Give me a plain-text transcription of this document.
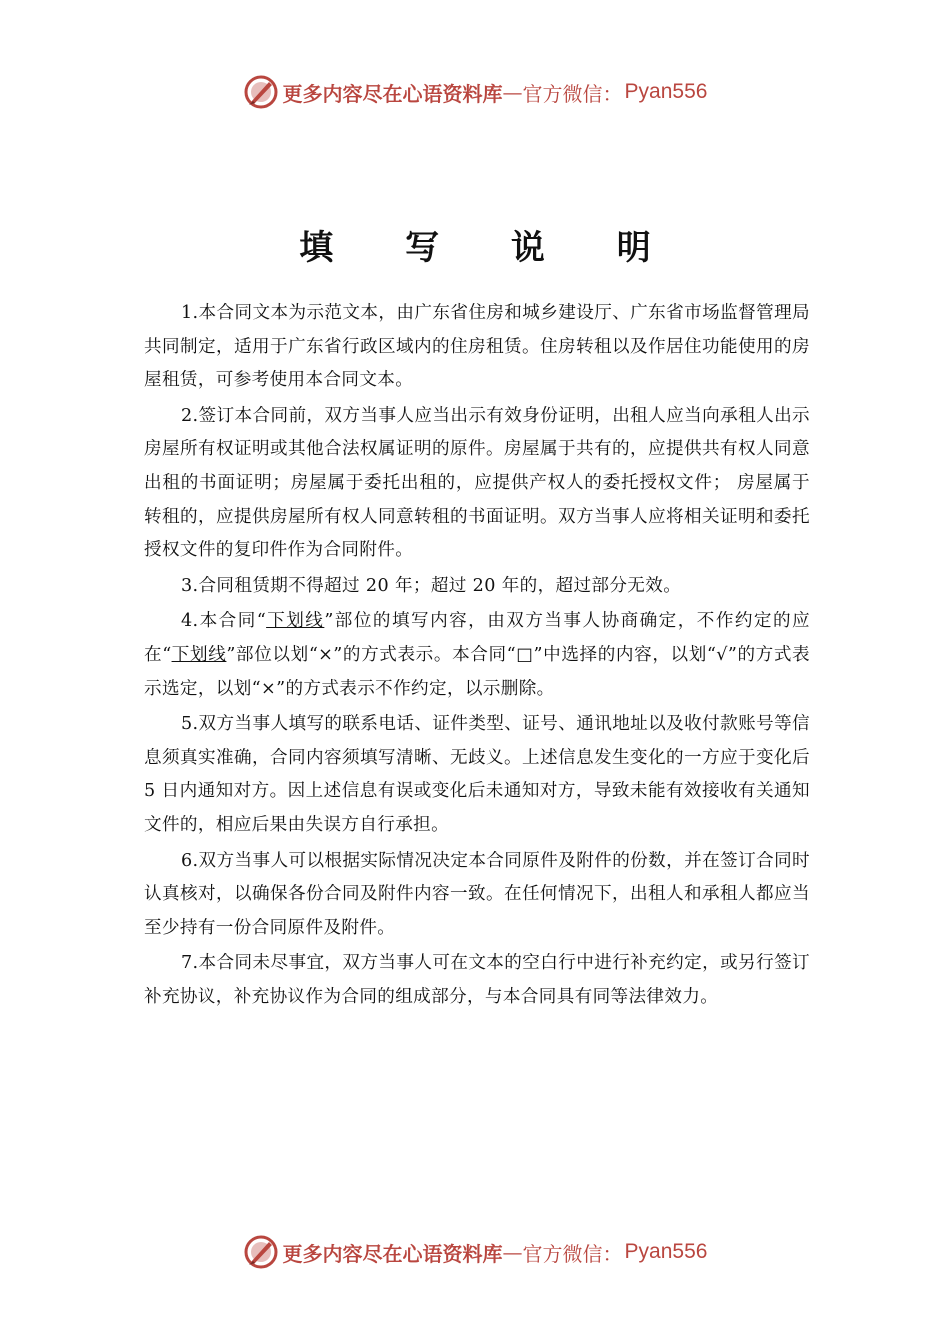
更多内容尽在心语资料库 — 官方微信： Pyan556
填 写 说 明

1.本合同文本为示范文本，由广东省住房和城乡建设厅、广东省市场监督管理局共同制定，适用于广东省行政区域内的住房租赁。住房转租以及作居住功能使用的房屋租赁，可参考使用本合同文本。

2.签订本合同前，双方当事人应当出示有效身份证明，出租人应当向承租人出示房屋所有权证明或其他合法权属证明的原件。房屋属于共有的，应提供共有权人同意出租的书面证明；房屋属于委托出租的，应提供产权人的委托授权文件； 房屋属于转租的，应提供房屋所有权人同意转租的书面证明。双方当事人应将相关证明和委托授权文件的复印件作为合同附件。

3.合同租赁期不得超过 20 年；超过 20 年的，超过部分无效。

4.本合同“下划线”部位的填写内容，由双方当事人协商确定，不作约定的应在“下划线”部位以划“×”的方式表示。本合同“□”中选择的内容，以划“√”的方式表示选定，以划“×”的方式表示不作约定，以示删除。

5.双方当事人填写的联系电话、证件类型、证号、通讯地址以及收付款账号等信息须真实准确，合同内容须填写清晰、无歧义。上述信息发生变化的一方应于变化后 5 日内通知对方。因上述信息有误或变化后未通知对方，导致未能有效接收有关通知文件的，相应后果由失误方自行承担。

6.双方当事人可以根据实际情况决定本合同原件及附件的份数，并在签订合同时认真核对，以确保各份合同及附件内容一致。在任何情况下，出租人和承租人都应当至少持有一份合同原件及附件。

7.本合同未尽事宜，双方当事人可在文本的空白行中进行补充约定，或另行签订补充协议，补充协议作为合同的组成部分，与本合同具有同等法律效力。

更多内容尽在心语资料库 — 官方微信： Pyan556
